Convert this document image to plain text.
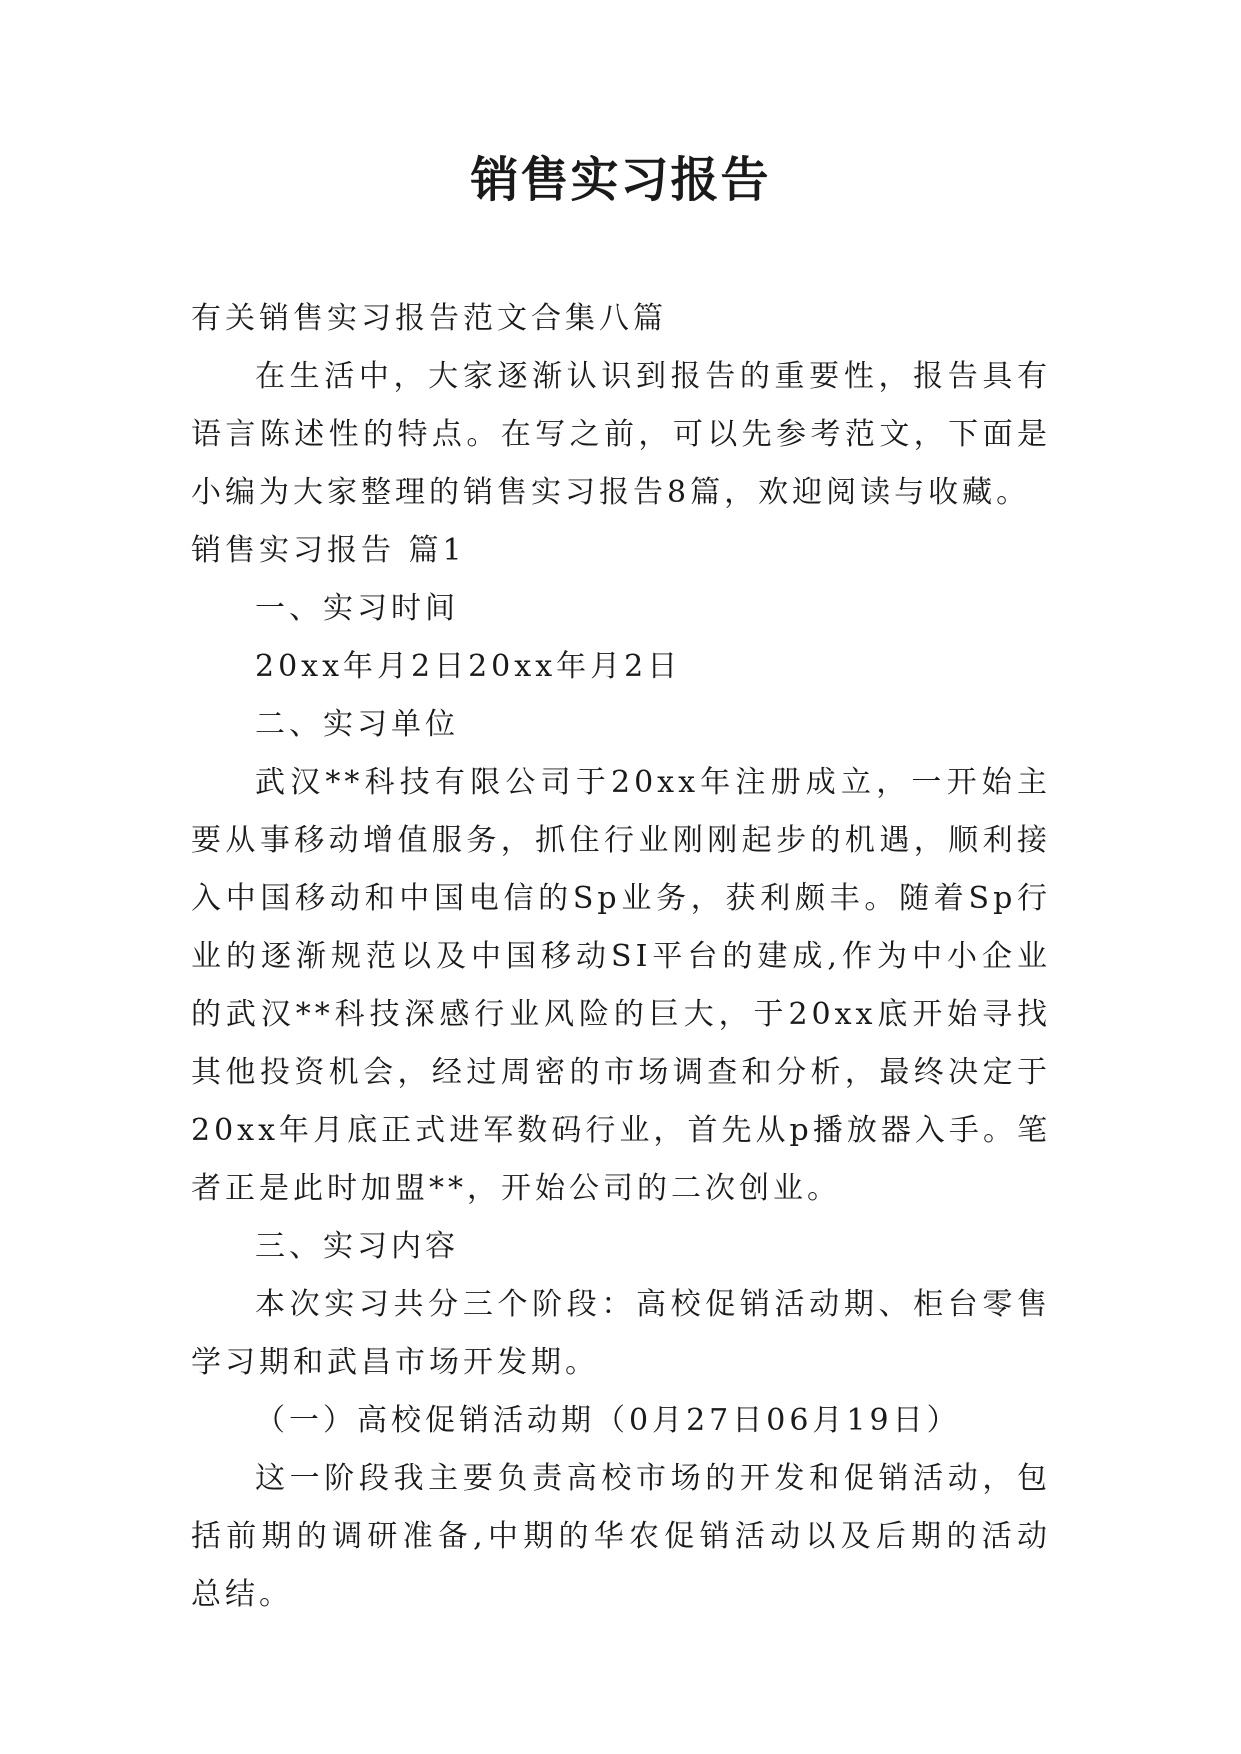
销售实习报告

有关销售实习报告范文合集八篇

在生活中，大家逐渐认识到报告的重要性，报告具有语言陈述性的特点。在写之前，可以先参考范文，下面是小编为大家整理的销售实习报告8篇，欢迎阅读与收藏。

销售实习报告 篇1

一、实习时间

20xx年月2日20xx年月2日

二、实习单位

武汉**科技有限公司于20xx年注册成立，一开始主要从事移动增值服务，抓住行业刚刚起步的机遇，顺利接入中国移动和中国电信的Sp业务，获利颇丰。随着Sp行业的逐渐规范以及中国移动SI平台的建成,作为中小企业的武汉**科技深感行业风险的巨大，于20xx底开始寻找其他投资机会，经过周密的市场调查和分析，最终决定于20xx年月底正式进军数码行业，首先从p播放器入手。笔者正是此时加盟**，开始公司的二次创业。

三、实习内容

本次实习共分三个阶段：高校促销活动期、柜台零售学习期和武昌市场开发期。

（一）高校促销活动期（0月27日06月19日）

这一阶段我主要负责高校市场的开发和促销活动，包括前期的调研准备,中期的华农促销活动以及后期的活动总结。
